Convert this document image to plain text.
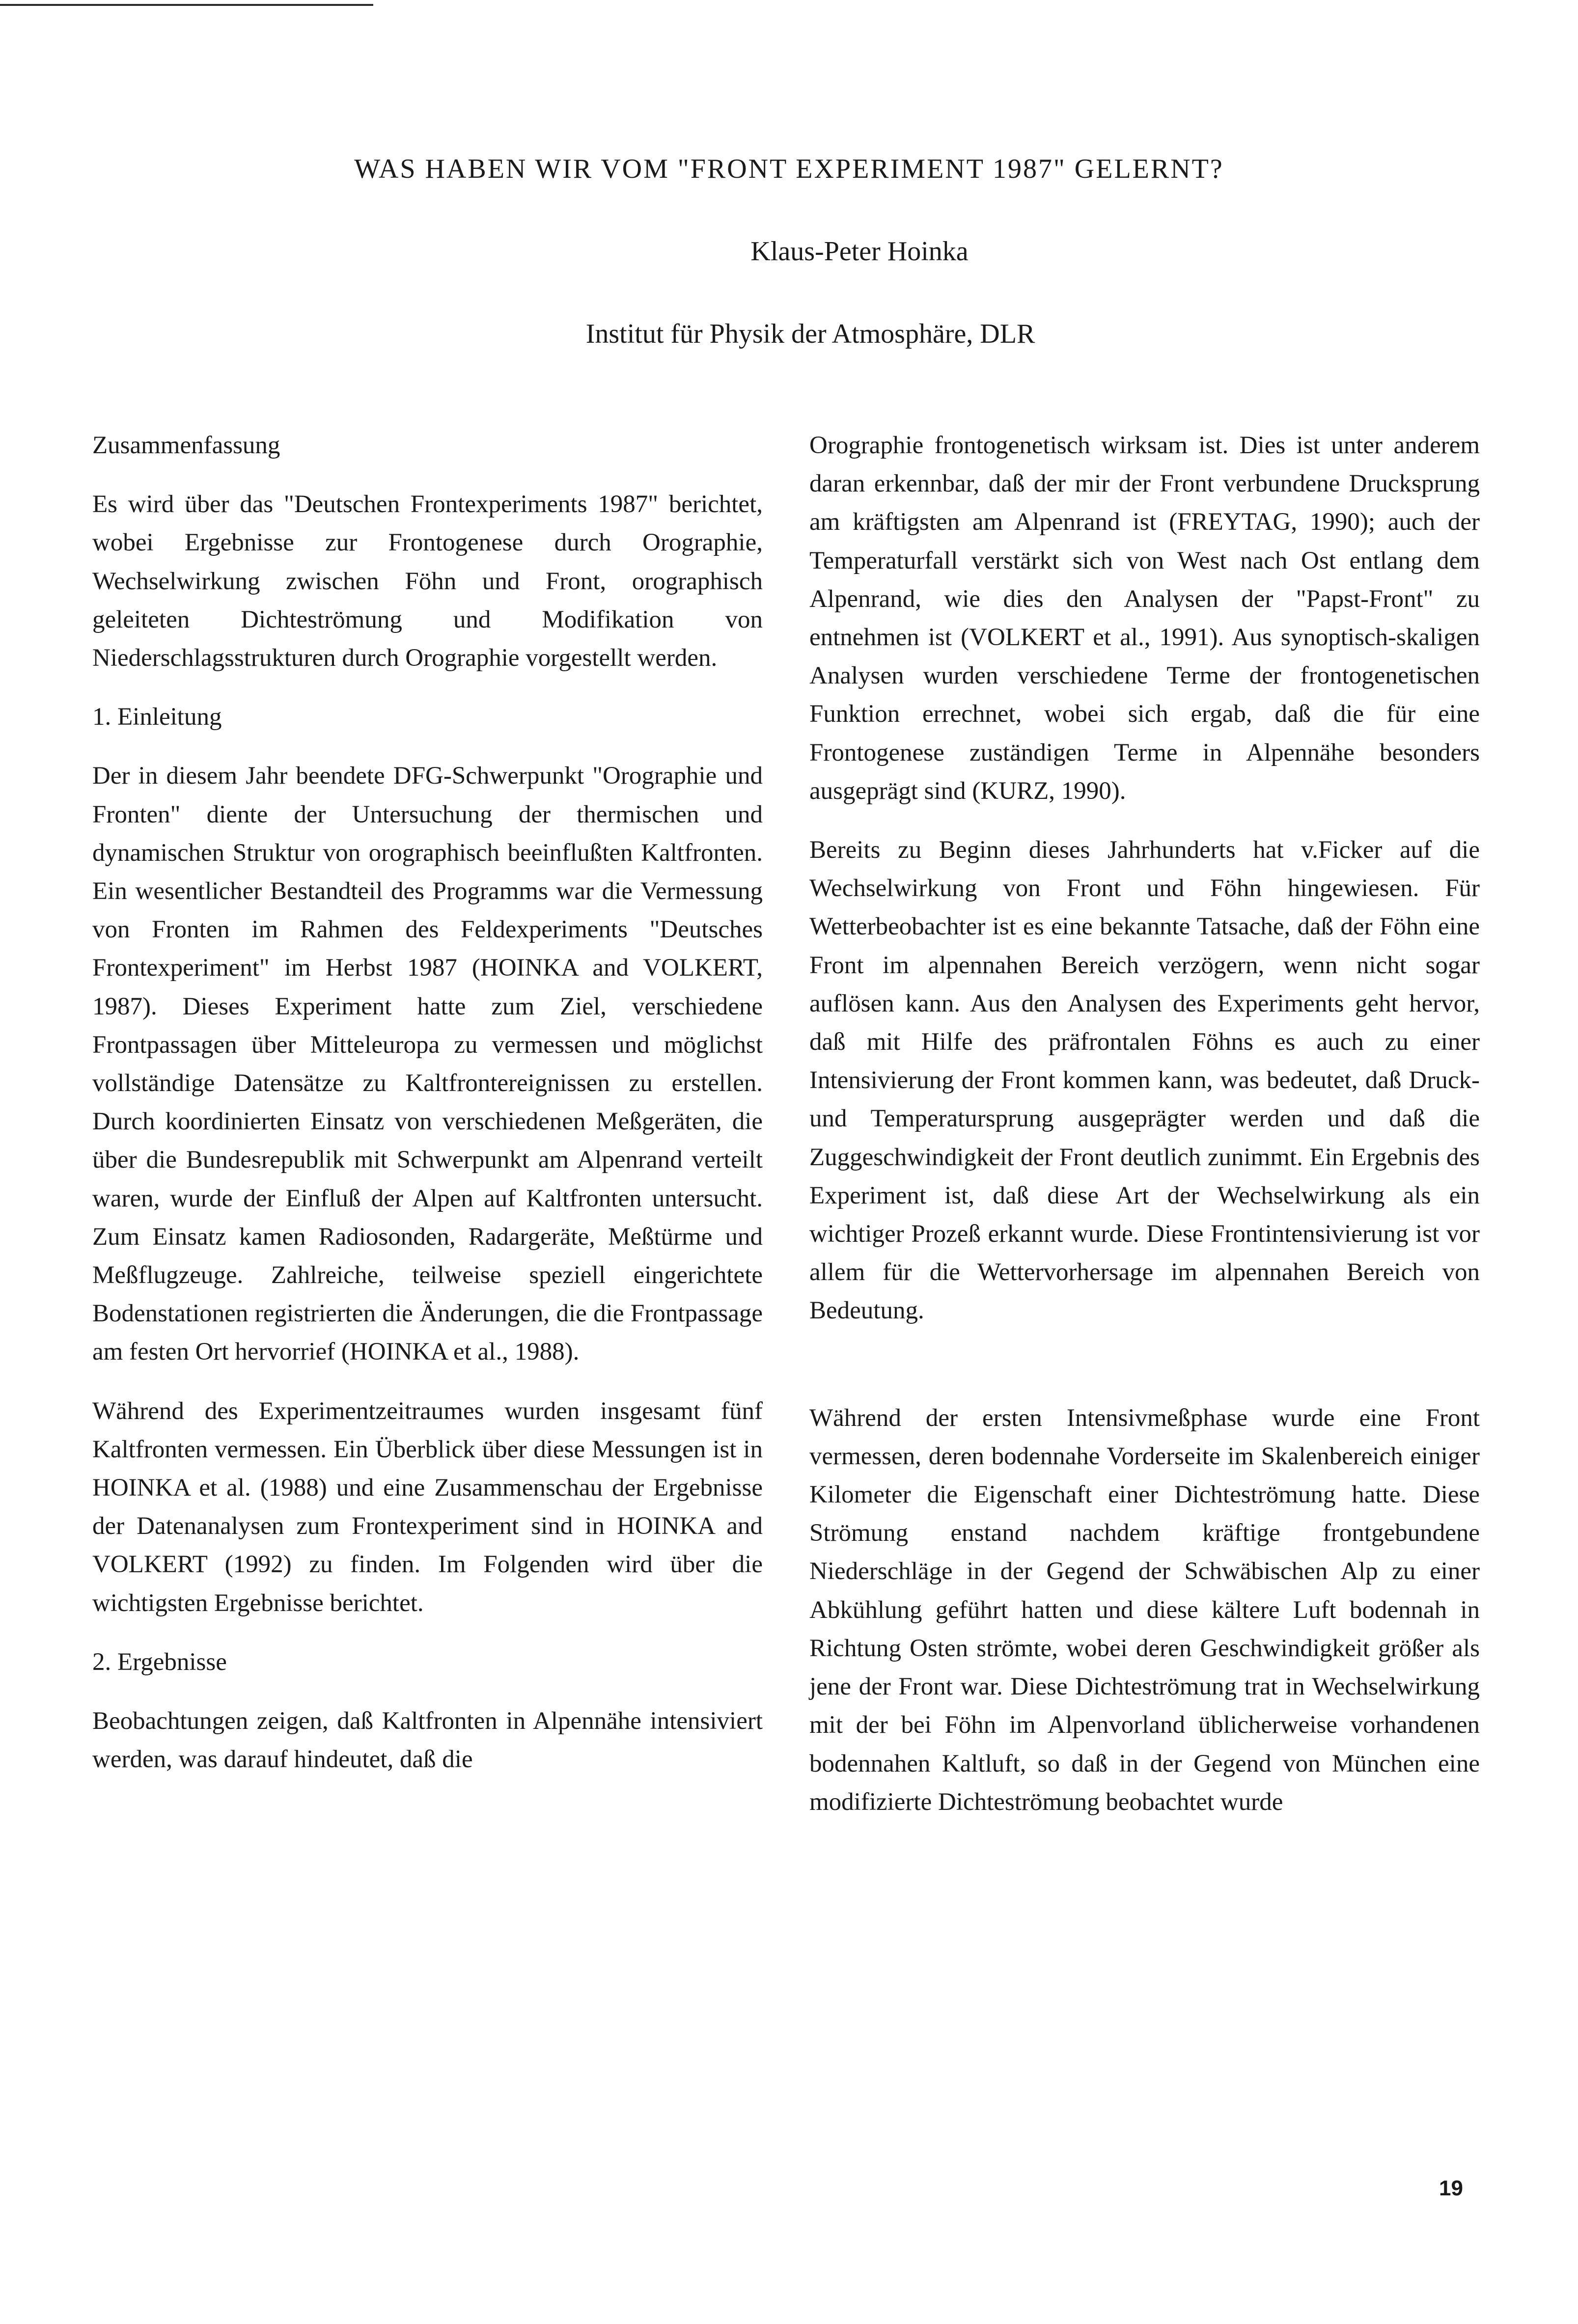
WAS HABEN WIR VOM "FRONT EXPERIMENT 1987" GELERNT?
Klaus-Peter Hoinka
Institut für Physik der Atmosphäre, DLR
Zusammenfassung

Es wird über das "Deutschen Frontexperiments 1987" berichtet, wobei Ergebnisse zur Frontogenese durch Orographie, Wechselwirkung zwischen Föhn und Front, orographisch geleiteten Dichteströmung und Modifikation von Niederschlagsstrukturen durch Orographie vorgestellt werden.

1. Einleitung

Der in diesem Jahr beendete DFG-Schwerpunkt "Orographie und Fronten" diente der Untersuchung der thermischen und dynamischen Struktur von orographisch beeinflußten Kaltfronten. Ein wesentlicher Bestandteil des Programms war die Vermessung von Fronten im Rahmen des Feldexperiments "Deutsches Frontexperiment" im Herbst 1987 (HOINKA and VOLKERT, 1987). Dieses Experiment hatte zum Ziel, verschiedene Frontpassagen über Mitteleuropa zu vermessen und möglichst vollständige Datensätze zu Kaltfrontereignissen zu erstellen. Durch koordinierten Einsatz von verschiedenen Meßgeräten, die über die Bundesrepublik mit Schwerpunkt am Alpenrand verteilt waren, wurde der Einfluß der Alpen auf Kaltfronten untersucht. Zum Einsatz kamen Radiosonden, Radargeräte, Meßtürme und Meßflugzeuge. Zahlreiche, teilweise speziell eingerichtete Bodenstationen registrierten die Änderungen, die die Frontpassage am festen Ort hervorrief (HOINKA et al., 1988).

Während des Experimentzeitraumes wurden insgesamt fünf Kaltfronten vermessen. Ein Überblick über diese Messungen ist in HOINKA et al. (1988) und eine Zusammenschau der Ergebnisse der Datenanalysen zum Frontexperiment sind in HOINKA and VOLKERT (1992) zu finden. Im Folgenden wird über die wichtigsten Ergebnisse berichtet.

2. Ergebnisse

Beobachtungen zeigen, daß Kaltfronten in Alpennähe intensiviert werden, was darauf hindeutet, daß die

Orographie frontogenetisch wirksam ist. Dies ist unter anderem daran erkennbar, daß der mir der Front verbundene Drucksprung am kräftigsten am Alpenrand ist (FREYTAG, 1990); auch der Temperaturfall verstärkt sich von West nach Ost entlang dem Alpenrand, wie dies den Analysen der "Papst-Front" zu entnehmen ist (VOLKERT et al., 1991). Aus synoptisch-skaligen Analysen wurden verschiedene Terme der frontogenetischen Funktion errechnet, wobei sich ergab, daß die für eine Frontogenese zuständigen Terme in Alpennähe besonders ausgeprägt sind (KURZ, 1990).

Bereits zu Beginn dieses Jahrhunderts hat v.Ficker auf die Wechselwirkung von Front und Föhn hingewiesen. Für Wetterbeobachter ist es eine bekannte Tatsache, daß der Föhn eine Front im alpennahen Bereich verzögern, wenn nicht sogar auflösen kann. Aus den Analysen des Experiments geht hervor, daß mit Hilfe des präfrontalen Föhns es auch zu einer Intensivierung der Front kommen kann, was bedeutet, daß Druck- und Temperatursprung ausgeprägter werden und daß die Zuggeschwindigkeit der Front deutlich zunimmt. Ein Ergebnis des Experiment ist, daß diese Art der Wechselwirkung als ein wichtiger Prozeß erkannt wurde. Diese Frontintensivierung ist vor allem für die Wettervorhersage im alpennahen Bereich von Bedeutung.

Während der ersten Intensivmeßphase wurde eine Front vermessen, deren bodennahe Vorderseite im Skalenbereich einiger Kilometer die Eigenschaft einer Dichteströmung hatte. Diese Strömung enstand nachdem kräftige frontgebundene Niederschläge in der Gegend der Schwäbischen Alp zu einer Abkühlung geführt hatten und diese kältere Luft bodennah in Richtung Osten strömte, wobei deren Geschwindigkeit größer als jene der Front war. Diese Dichteströmung trat in Wechselwirkung mit der bei Föhn im Alpenvorland üblicherweise vorhandenen bodennahen Kaltluft, so daß in der Gegend von München eine modifizierte Dichteströmung beobachtet wurde

19
